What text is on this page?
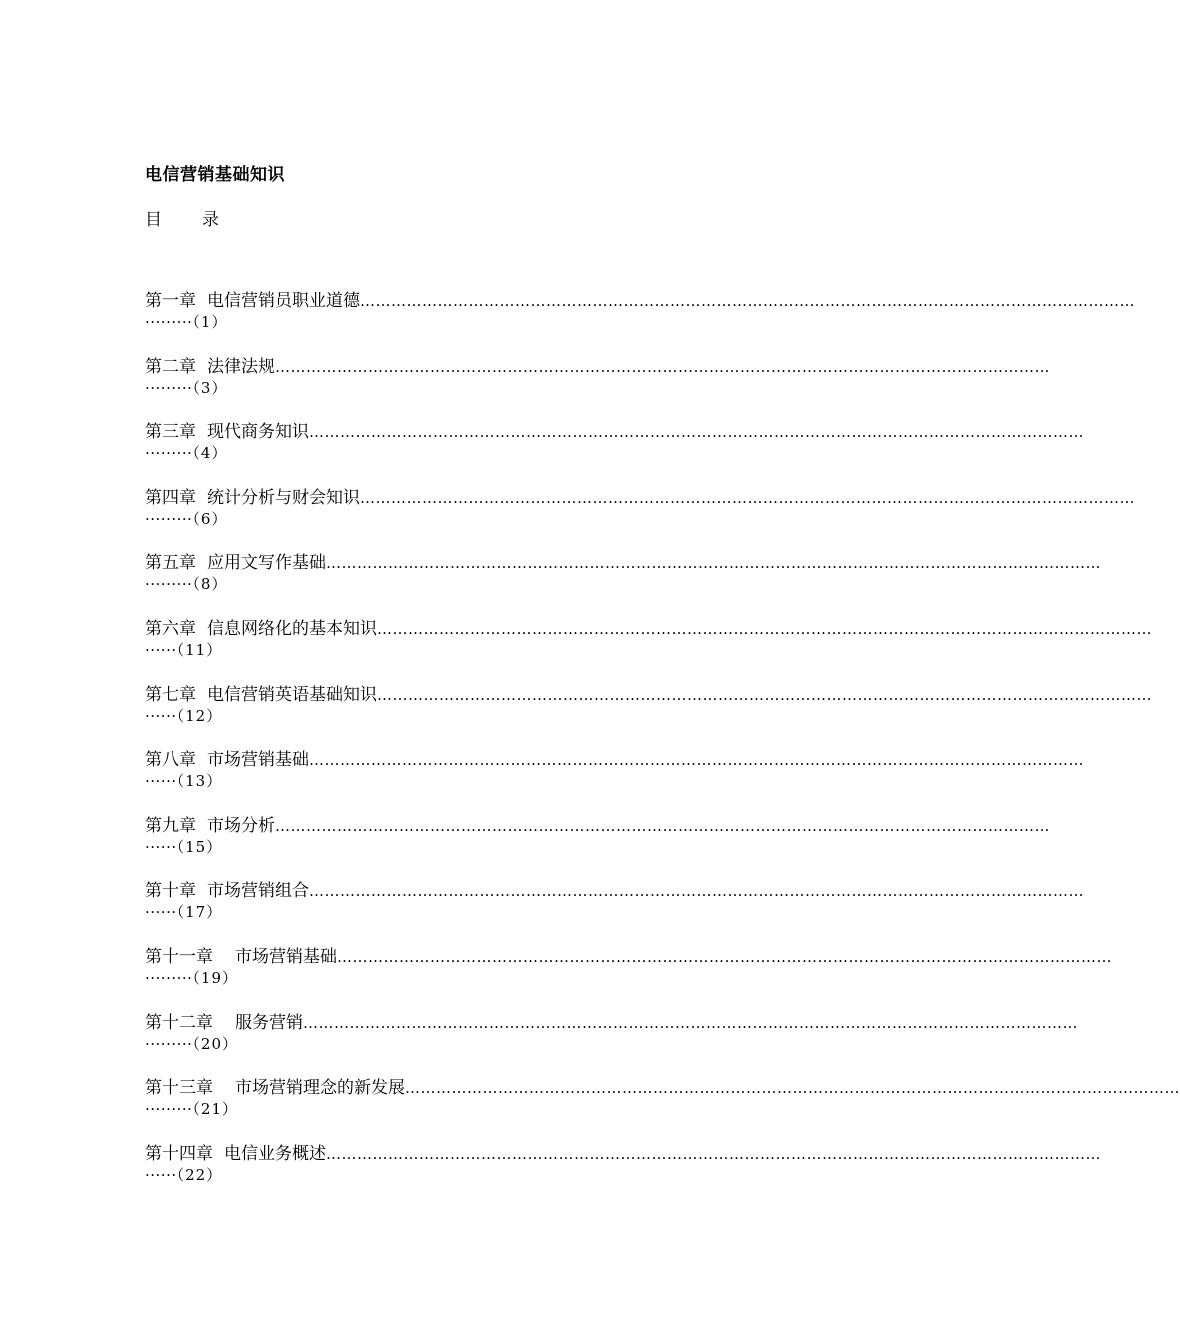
电信营销基础知识
目 录
第一章 电信营销员职业道德 ……………………………………………………………………………………………………………………………………
·········（1）
第二章 法律法规 ……………………………………………………………………………………………………………………………………
·········（3）
第三章 现代商务知识 ……………………………………………………………………………………………………………………………………
·········（4）
第四章 统计分析与财会知识 ……………………………………………………………………………………………………………………………………
·········（6）
第五章 应用文写作基础 ……………………………………………………………………………………………………………………………………
·········（8）
第六章 信息网络化的基本知识 ……………………………………………………………………………………………………………………………………
······（11）
第七章 电信营销英语基础知识 ……………………………………………………………………………………………………………………………………
······（12）
第八章 市场营销基础 ……………………………………………………………………………………………………………………………………
······（13）
第九章 市场分析 ……………………………………………………………………………………………………………………………………
······（15）
第十章 市场营销组合 ……………………………………………………………………………………………………………………………………
······（17）
第十一章 市场营销基础 ……………………………………………………………………………………………………………………………………
·········（19）
第十二章 服务营销 ……………………………………………………………………………………………………………………………………
·········（20）
第十三章 市场营销理念的新发展 ……………………………………………………………………………………………………………………………………
·········（21）
第十四章 电信业务概述 ……………………………………………………………………………………………………………………………………
······（22）
